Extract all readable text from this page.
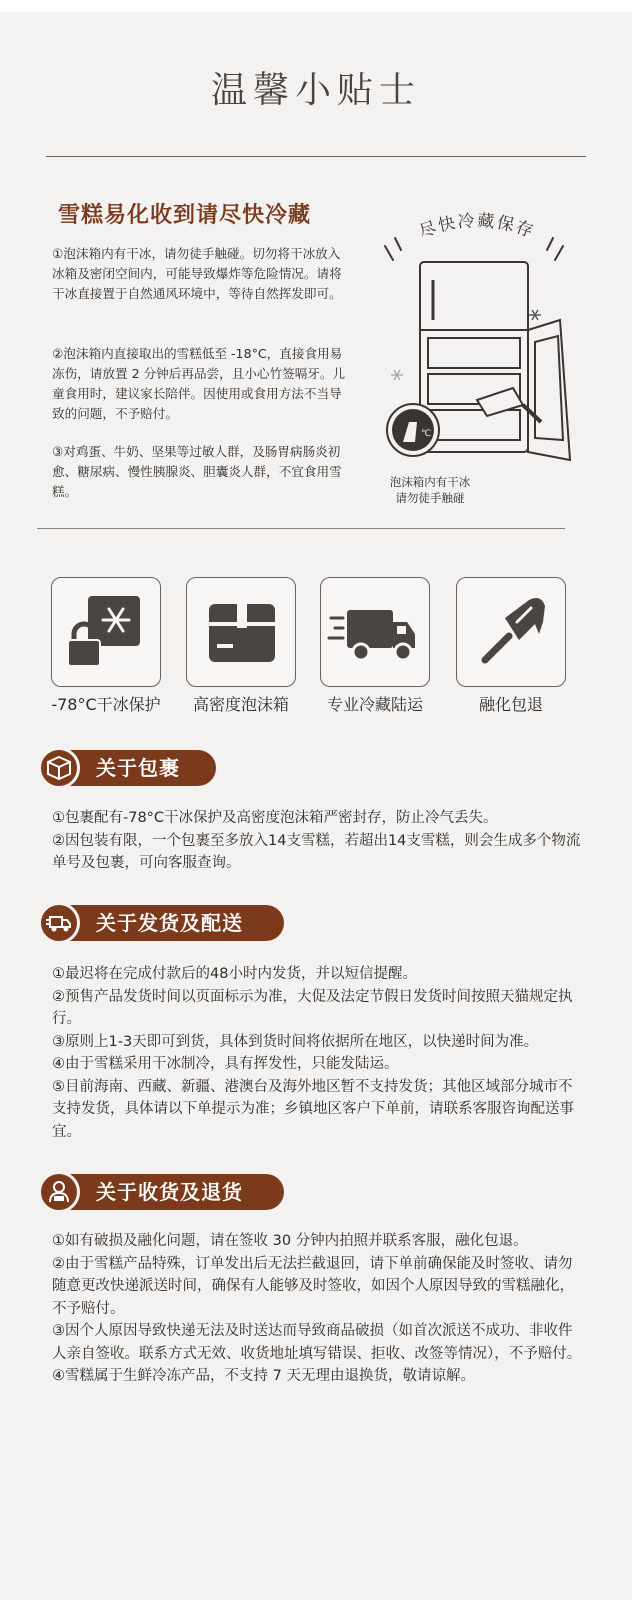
温馨小贴士
雪糕易化收到请尽快冷藏
①泡沫箱内有干冰，请勿徒手触碰。切勿将干冰放入冰箱及密闭空间内，可能导致爆炸等危险情况。请将干冰直接置于自然通风环境中，等待自然挥发即可。
②泡沫箱内直接取出的雪糕低至 -18°C，直接食用易冻伤，请放置 2 分钟后再品尝，且小心竹签嗝牙。儿童食用时，建议家长陪伴。因使用或食用方法不当导致的问题，不予赔付。
③对鸡蛋、牛奶、坚果等过敏人群，及肠胃病肠炎初愈、糖尿病、慢性胰腺炎、胆囊炎人群，不宜食用雪糕。
尽快冷藏保存
℃
泡沫箱内有干冰
请勿徒手触碰
-78°C干冰保护	高密度泡沫箱	专业冷藏陆运	融化包退
关于包裹
①包裹配有-78°C干冰保护及高密度泡沫箱严密封存，防止冷气丢失。
②因包装有限，一个包裹至多放入14支雪糕，若超出14支雪糕，则会生成多个物流单号及包裹，可向客服查询。
关于发货及配送
①最迟将在完成付款后的48小时内发货，并以短信提醒。
②预售产品发货时间以页面标示为准，大促及法定节假日发货时间按照天猫规定执行。
③原则上1-3天即可到货，具体到货时间将依据所在地区，以快递时间为准。
④由于雪糕采用干冰制冷，具有挥发性，只能发陆运。
⑤目前海南、西藏、新疆、港澳台及海外地区暂不支持发货；其他区域部分城市不支持发货，具体请以下单提示为准；乡镇地区客户下单前，请联系客服咨询配送事宜。
关于收货及退货
①如有破损及融化问题，请在签收 30 分钟内拍照并联系客服，融化包退。
②由于雪糕产品特殊，订单发出后无法拦截退回，请下单前确保能及时签收、请勿随意更改快递派送时间，确保有人能够及时签收，如因个人原因导致的雪糕融化，不予赔付。
③因个人原因导致快递无法及时送达而导致商品破损（如首次派送不成功、非收件人亲自签收。联系方式无效、收货地址填写错误、拒收、改签等情况），不予赔付。
④雪糕属于生鲜冷冻产品，不支持 7 天无理由退换货，敬请谅解。
